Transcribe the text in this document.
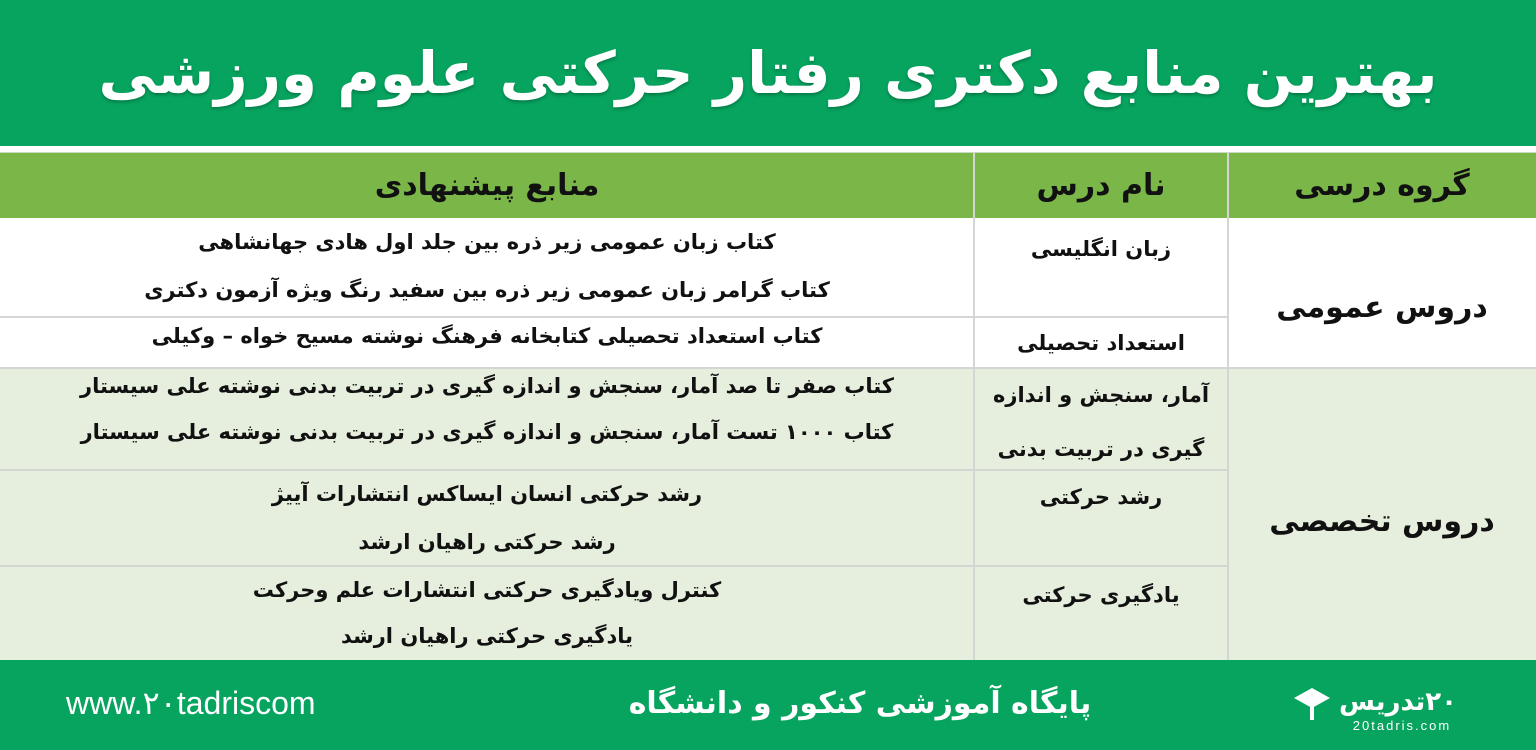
بهترین منابع دکتری رفتار حرکتی علوم ورزشی
گروه درسی
نام درس
منابع پیشنهادی
دروس عمومی
دروس تخصصی
زبان انگلیسی
کتاب زبان عمومی زیر ذره بین جلد اول هادی جهانشاهی
کتاب گرامر زبان عمومی زیر ذره بین سفید رنگ ویژه آزمون دکتری
استعداد تحصیلی
کتاب استعداد تحصیلی کتابخانه فرهنگ نوشته مسیح خواه – وکیلی
آمار، سنجش و اندازه
گیری در تربیت بدنی
کتاب صفر تا صد آمار، سنجش و اندازه گیری در تربیت بدنی نوشته علی سیستار
کتاب ۱۰۰۰ تست آمار، سنجش و اندازه گیری در تربیت بدنی نوشته علی سیستار
رشد حرکتی
رشد حرکتی انسان ایساکس انتشارات آییژ
رشد حرکتی راهیان ارشد
یادگیری حرکتی
کنترل ویادگیری حرکتی انتشارات علم وحرکت
یادگیری حرکتی راهیان ارشد
www.۲۰tadriscom	پایگاه آموزشی کنکور و دانشگاه	۲۰تدریس
20tadris.com
